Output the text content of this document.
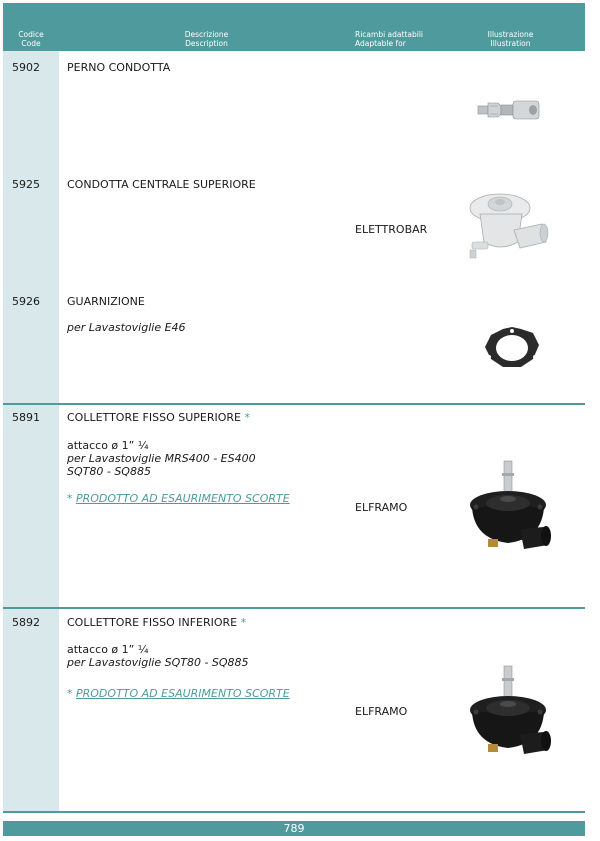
Codice
Code
Descrizione
Description
Ricambi adattabili
Adaptable for
Illustrazione
Illustration
5902 PERNO CONDOTTA
5925 CONDOTTA CENTRALE SUPERIORE
ELETTROBAR
5926 GUARNIZIONE
per Lavastoviglie E46
5891 COLLETTORE FISSO SUPERIORE *
attacco ø 1” ¼
per Lavastoviglie MRS400 - ES400
SQT80 - SQ885
* PRODOTTO AD ESAURIMENTO SCORTE
ELFRAMO
5892 COLLETTORE FISSO INFERIORE *
attacco ø 1” ¼
per Lavastoviglie SQT80 - SQ885
* PRODOTTO AD ESAURIMENTO SCORTE
ELFRAMO
789
